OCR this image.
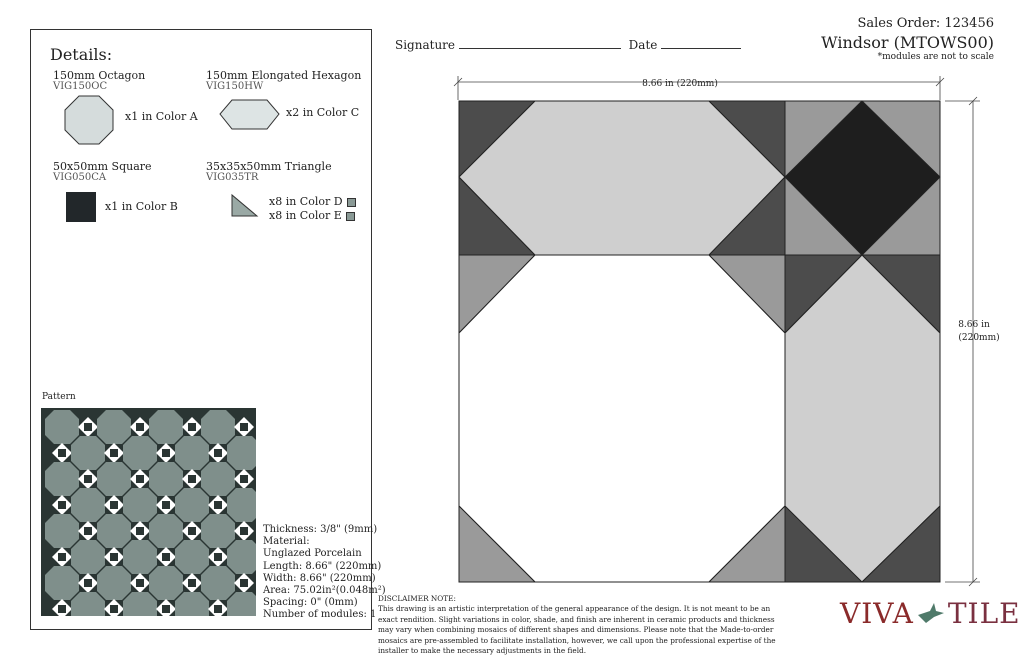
Signature	Date
Sales Order: 123456
Windsor (MTOWS00)
*modules are not to scale
Details:
150mm Octagon
VIG150OC
x1 in Color A
150mm Elongated Hexagon
VIG150HW
x2 in Color C
50x50mm Square
VIG050CA
x1 in Color B
35x35x50mm Triangle
VIG035TR
x8 in Color D
x8 in Color E
Pattern
Thickness: 3/8" (9mm)
Material:
Unglazed Porcelain
Length: 8.66" (220mm)
Width: 8.66" (220mm)
Area: 75.02in²(0.048m²)
Spacing: 0" (0mm)
Number of modules: 1
8.66 in (220mm)
8.66 in
(220mm)
DISCLAIMER NOTE:
This drawing is an artistic interpretation of the general appearance of the design. It is not meant to be an exact rendition. Slight variations in color, shade, and finish are inherent in ceramic products and thickness may vary when combining mosaics of different shapes and dimensions. Please note that the Made-to-order mosaics are pre-assembled to facilitate installation, however, we call upon the professional expertise of the installer to make the necessary adjustments in the field.
VIVA TILE
